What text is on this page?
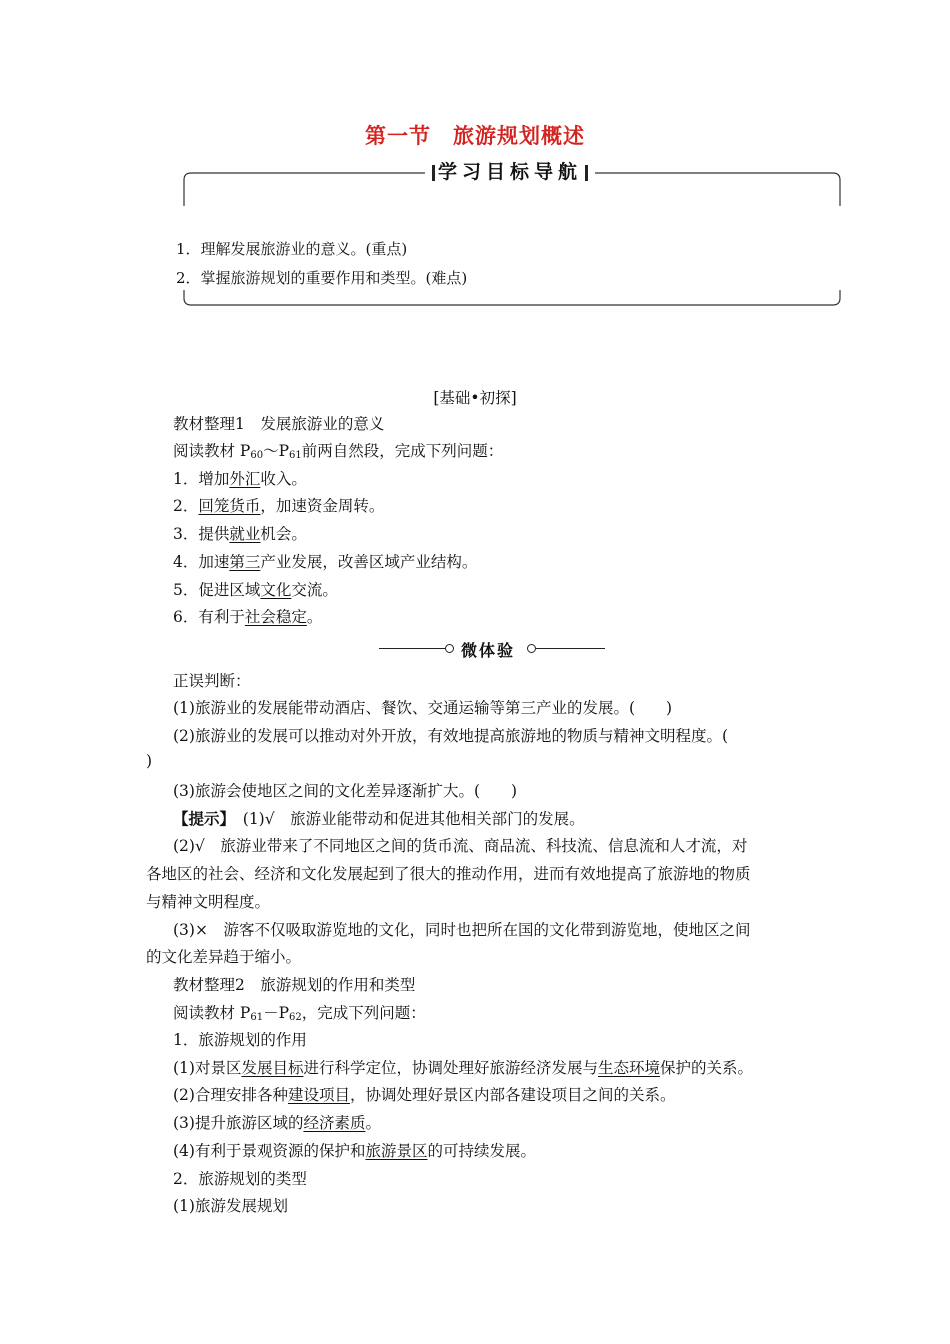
第一节　旅游规划概述
学习目标导航
1．理解发展旅游业的意义。(重点)
2．掌握旅游规划的重要作用和类型。(难点)
[基础•初探]
教材整理1　发展旅游业的意义
阅读教材 $P_{60}\sim P_{61}$前两自然段，完成下列问题：
1．增加外汇收入。
2．回笼货币，加速资金周转。
3．提供就业机会。
4．加速第三产业发展，改善区域产业结构。
5．促进区域文化交流。
6．有利于社会稳定。
微体验
正误判断：
(1)旅游业的发展能带动酒店、餐饮、交通运输等第三产业的发展。(　　)
(2)旅游业的发展可以推动对外开放，有效地提高旅游地的物质与精神文明程度。(
)
(3)旅游会使地区之间的文化差异逐渐扩大。(　　)
【提示】　(1)√　旅游业能带动和促进其他相关部门的发展。
(2)√　旅游业带来了不同地区之间的货币流、商品流、科技流、信息流和人才流，对
各地区的社会、经济和文化发展起到了很大的推动作用，进而有效地提高了旅游地的物质
与精神文明程度。
(3)×　游客不仅吸取游览地的文化，同时也把所在国的文化带到游览地，使地区之间
的文化差异趋于缩小。
教材整理2　旅游规划的作用和类型
阅读教材 $P_{61}-P_{62}$，完成下列问题：
1．旅游规划的作用
(1)对景区发展目标进行科学定位，协调处理好旅游经济发展与生态环境保护的关系。
(2)合理安排各种建设项目，协调处理好景区内部各建设项目之间的关系。
(3)提升旅游区域的经济素质。
(4)有利于景观资源的保护和旅游景区的可持续发展。
2．旅游规划的类型
(1)旅游发展规划
